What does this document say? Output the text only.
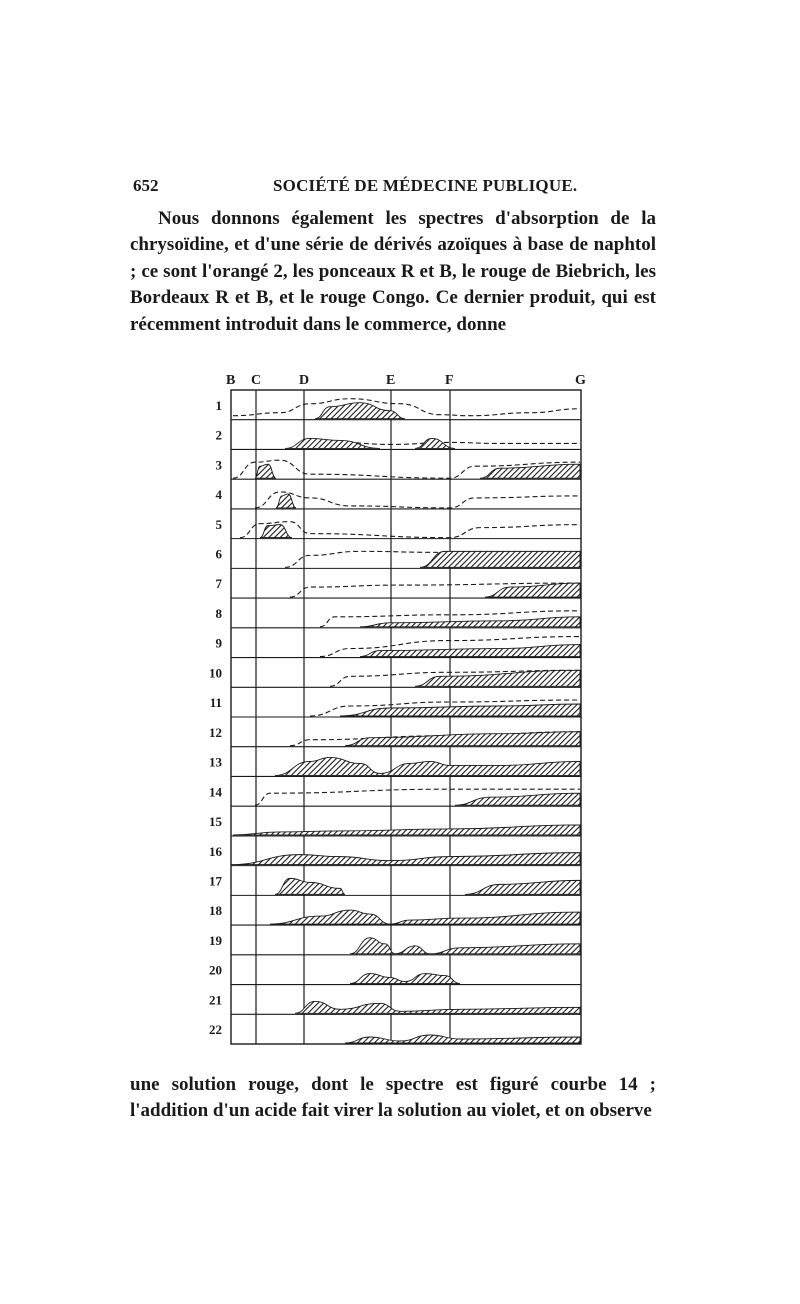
652	SOCIÉTÉ DE MÉDECINE PUBLIQUE.
Nous donnons également les spectres d'absorption de la chrysoïdine, et d'une série de dérivés azoïques à base de naphtol ; ce sont l'orangé 2, les ponceaux R et B, le rouge de Biebrich, les Bordeaux R et B, et le rouge Congo. Ce dernier produit, qui est récemment introduit dans le commerce, donne
B C	D	E	F	G
1
2
3
4
5
6
7
8
9
10
11
12
13
14
15
16
17
18
19
20
21
22
une solution rouge, dont le spectre est figuré courbe 14 ; l'addition d'un acide fait virer la solution au violet, et on observe
